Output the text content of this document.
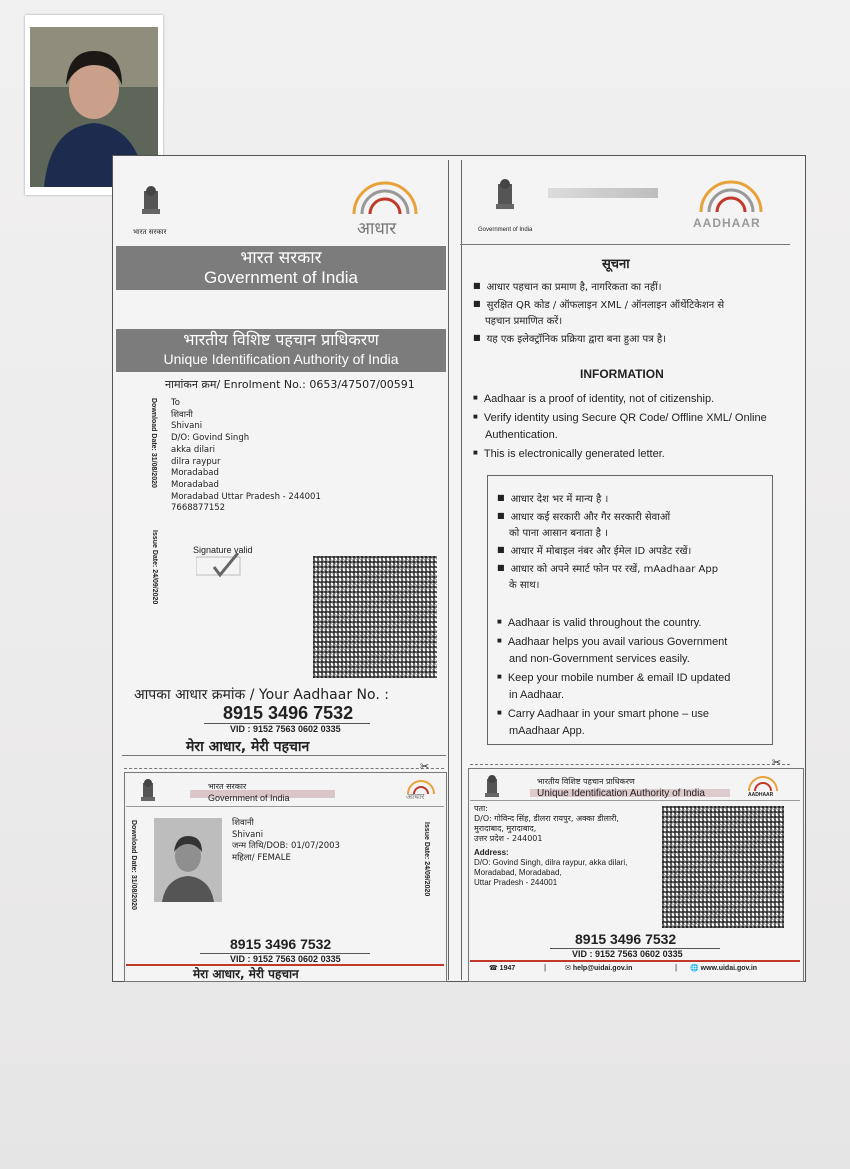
भारत सरकार	आधार
भारत सरकार
Government of India
भारतीय विशिष्ट पहचान प्राधिकरण
Unique Identification Authority of India
नामांकन क्रम/ Enrolment No.: 0653/47507/00591
Download Date: 31/08/2020
Issue Date: 24/09/2020
To
शिवानी
Shivani
D/O: Govind Singh
akka dilari
dilra raypur
Moradabad
Moradabad
Moradabad Uttar Pradesh - 244001
7668877152
Signature valid
आपका आधार क्रमांक / Your Aadhaar No. :
8915 3496 7532
VID : 9152 7563 0602 0335
मेरा आधार, मेरी पहचान
Government of India	AADHAAR
सूचना
■ आधार पहचान का प्रमाण है, नागरिकता का नहीं।
■ सुरक्षित QR कोड / ऑफलाइन XML / ऑनलाइन ऑथेंटिकेशन से
पहचान प्रमाणित करें।
■ यह एक इलेक्ट्रॉनिक प्रक्रिया द्वारा बना हुआ पत्र है।
INFORMATION
■ Aadhaar is a proof of identity, not of citizenship.
■ Verify identity using Secure QR Code/ Offline XML/ Online
Authentication.
■ This is electronically generated letter.
■ आधार देश भर में मान्य है ।
■ आधार कई सरकारी और गैर सरकारी सेवाओं
को पाना आसान बनाता है ।
■ आधार में मोबाइल नंबर और ईमेल ID अपडेट रखें।
■ आधार को अपने स्मार्ट फोन पर रखें, mAadhaar App
के साथ।
■ Aadhaar is valid throughout the country.
■ Aadhaar helps you avail various Government
and non-Government services easily.
■ Keep your mobile number & email ID updated
in Aadhaar.
■ Carry Aadhaar in your smart phone – use
mAadhaar App.
✂	✂
भारत सरकार
Government of India	आधार
Download Date: 31/08/2020	Issue Date: 24/09/2020
शिवानी
Shivani
जन्म तिथि/DOB: 01/07/2003
महिला/ FEMALE
8915 3496 7532
VID : 9152 7563 0602 0335
मेरा आधार, मेरी पहचान
भारतीय विशिष्ट पहचान प्राधिकरण
Unique Identification Authority of India	AADHAAR
पता:
D/O: गोविन्द सिंह, डीलरा रायपुर, अक्का डीलारी,
मुरादाबाद, मुरादाबाद,
उत्तर प्रदेश - 244001
Address:
D/O: Govind Singh, dilra raypur, akka dilari,
Moradabad, Moradabad,
Uttar Pradesh - 244001
8915 3496 7532
VID : 9152 7563 0602 0335
☎ 1947	|	✉ help@uidai.gov.in	| 🌐 www.uidai.gov.in
